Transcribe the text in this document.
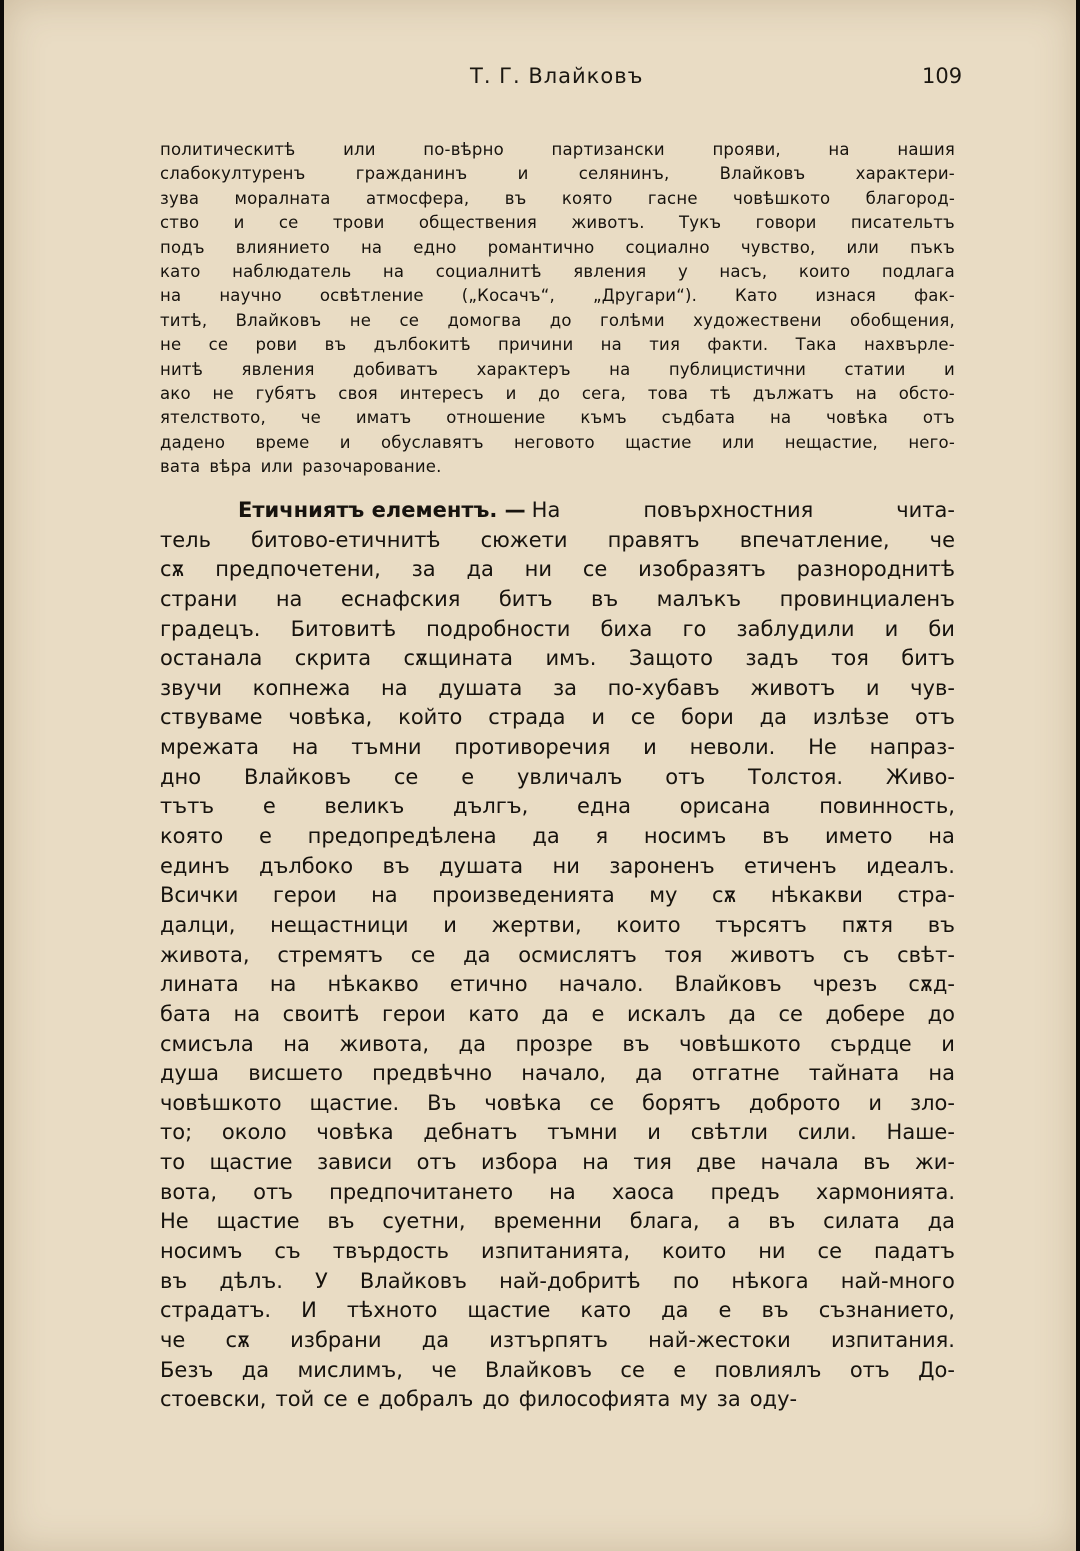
Т. Г. Влайковъ	109
политическитѣ	или	по-вѣрно	партизански	прояви,	на	нашия
слабокултуренъ	гражданинъ	и	селянинъ,	Влайковъ	характери-
зува моралната атмосфера, въ която гасне човѣшкото благород-
ство и се трови обществения животъ. Тукъ говори писательтъ
подъ влиянието на едно романтично социално чувство, или пъкъ
като наблюдатель на социалнитѣ явления у насъ, които подлага
на научно освѣтление („Косачъ“, „Другари“). Като изнася фак-
титѣ, Влайковъ не се домогва до голѣми художествени обобщения,
не се рови въ дълбокитѣ причини на тия факти. Така нахвърле-
нитѣ явления добиватъ характеръ на публицистични статии и
ако не губятъ своя интересъ и до сега, това тѣ дължатъ на обсто-
ятелството, че иматъ отношение къмъ съдбата на човѣка отъ
дадено време и обуславятъ неговото щастие или нещастие, него-
вата вѣра или разочарование.
Етичниятъ елементъ. — На	повърхностния	чита-
тель битово-етичнитѣ сюжети правятъ впечатление, че
сѫ предпочетени, за да ни се изобразятъ разнороднитѣ
страни на еснафския битъ въ малъкъ провинциаленъ
градецъ. Битовитѣ подробности биха го заблудили и би
останала скрита сѫщината имъ. Защото задъ тоя битъ
звучи копнежа на душата за по-хубавъ животъ и чув-
ствуваме човѣка, който страда и се бори да излѣзе отъ
мрежата на тъмни противоречия и неволи. Не напраз-
дно Влайковъ се е увличалъ отъ Толстоя. Живо-
тътъ е великъ дългъ, една орисана повинность,
която е предопредѣлена да я носимъ въ името на
единъ дълбоко въ душата ни зароненъ етиченъ идеалъ.
Всички герои на произведенията му сѫ нѣкакви стра-
далци, нещастници и жертви, които търсятъ пѫтя въ
живота, стремятъ се да осмислятъ тоя животъ съ свѣт-
лината на нѣкакво етично начало. Влайковъ чрезъ сѫд-
бата на своитѣ герои като да е искалъ да се добере до
смисъла на живота, да прозре въ човѣшкото сърдце и
душа висшето предвѣчно начало, да отгатне тайната на
човѣшкото щастие. Въ човѣка се борятъ доброто и зло-
то; около човѣка дебнатъ тъмни и свѣтли сили. Наше-
то щастие зависи отъ избора на тия две начала въ жи-
вота, отъ предпочитането на хаоса предъ хармонията.
Не щастие въ суетни, временни блага, а въ силата да
носимъ съ твърдость изпитанията, които ни се падатъ
въ дѣлъ. У Влайковъ най-добритѣ по нѣкога най-много
страдатъ. И тѣхното щастие като да е въ съзнанието,
че сѫ избрани да изтърпятъ най-жестоки изпитания.
Безъ да мислимъ, че Влайковъ се е повлиялъ отъ До-
стоевски, той се е добралъ до философията му за оду-
